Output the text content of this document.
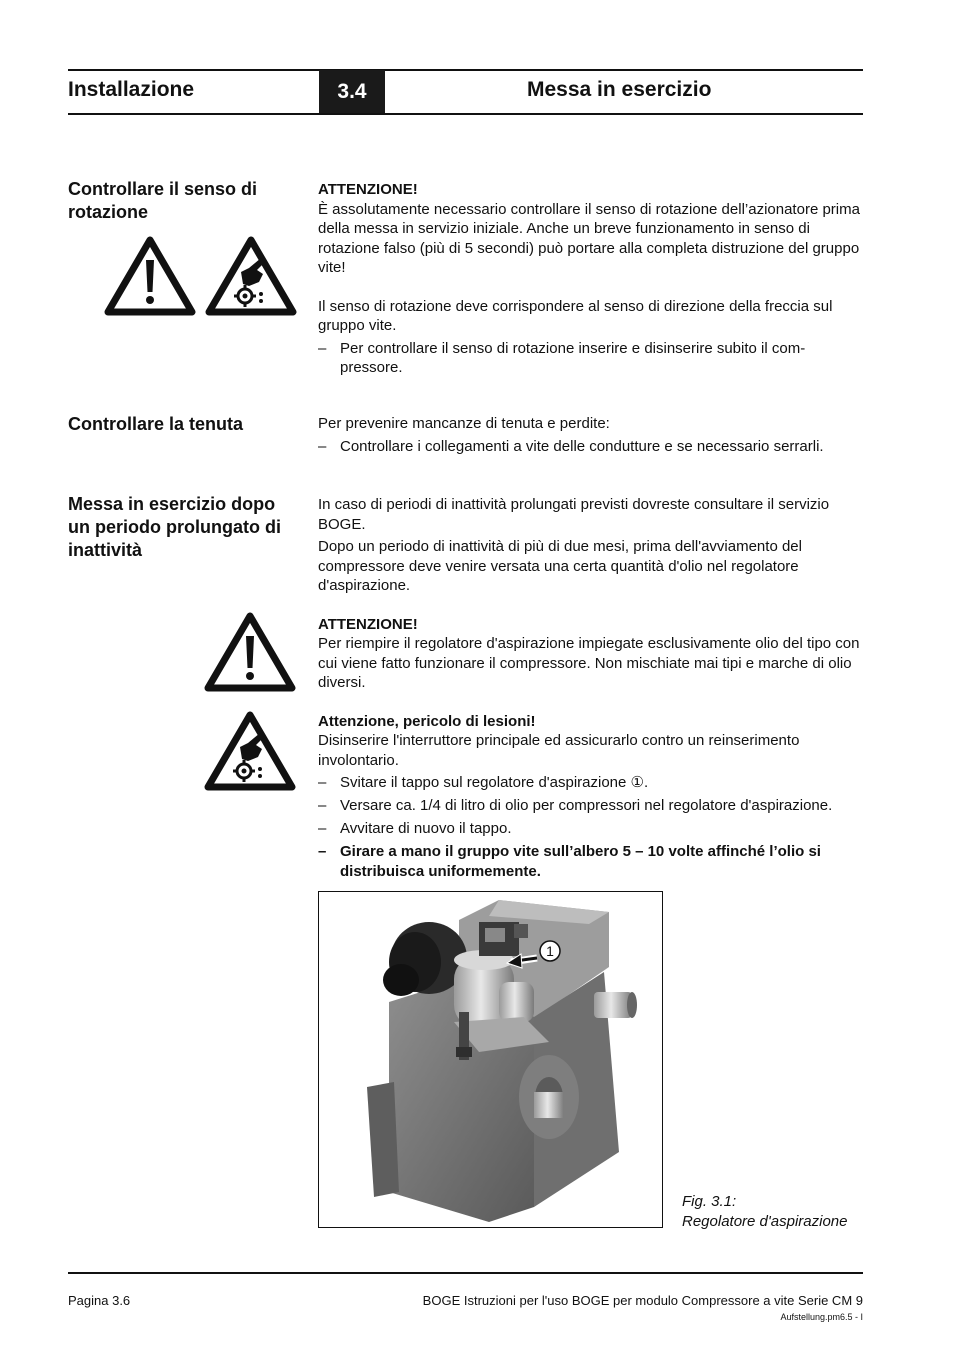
Installazione	3.4	Messa in esercizio
Controllare il senso di rotazione

ATTENZIONE!

È assolutamente necessario controllare il senso di rotazione dell’azionatore prima della messa in servizio iniziale. Anche un breve funzionamento in senso di rotazione falso (più di 5 secondi) può portare alla completa distruzione del gruppo vite!

Il senso di rotazione deve corrispondere al senso di direzione della freccia sul gruppo vite.

– Per controllare il senso di rotazione inserire e disinserire subito il com- pressore.
Controllare la tenuta	Per prevenire mancanze di tenuta e perdite:

– Controllare i collegamenti a vite delle condutture e se necessario serrarli.
Messa in esercizio dopo un periodo prolungato di inattività

In caso di periodi di inattività prolungati previsti dovreste consultare il servizio BOGE.

Dopo un periodo di inattività di più di due mesi, prima dell'avviamento del compressore deve venire versata una certa quantità d'olio nel regolatore d'aspirazione.

ATTENZIONE!

Per riempire il regolatore d'aspirazione impiegate esclusivamente olio del tipo con cui viene fatto funzionare il compressore. Non mischiate mai tipi e marche di olio diversi.

Attenzione, pericolo di lesioni!

Disinserire l'interruttore principale ed assicurarlo contro un reinserimento involontario.

– Svitare il tappo sul regolatore d'aspirazione ①.
– Versare ca. 1/4 di litro di olio per compressori nel regolatore d'aspirazione.
– Avvitare di nuovo il tappo.
– Girare a mano il gruppo vite sull’albero 5 – 10 volte affinché l’olio si distribuisca uniformemente.
1
Fig. 3.1:
Regolatore d'aspirazione
Pagina 3.6	BOGE Istruzioni per l'uso BOGE per modulo Compressore a vite Serie CM 9
Aufstellung.pm6.5 - I
